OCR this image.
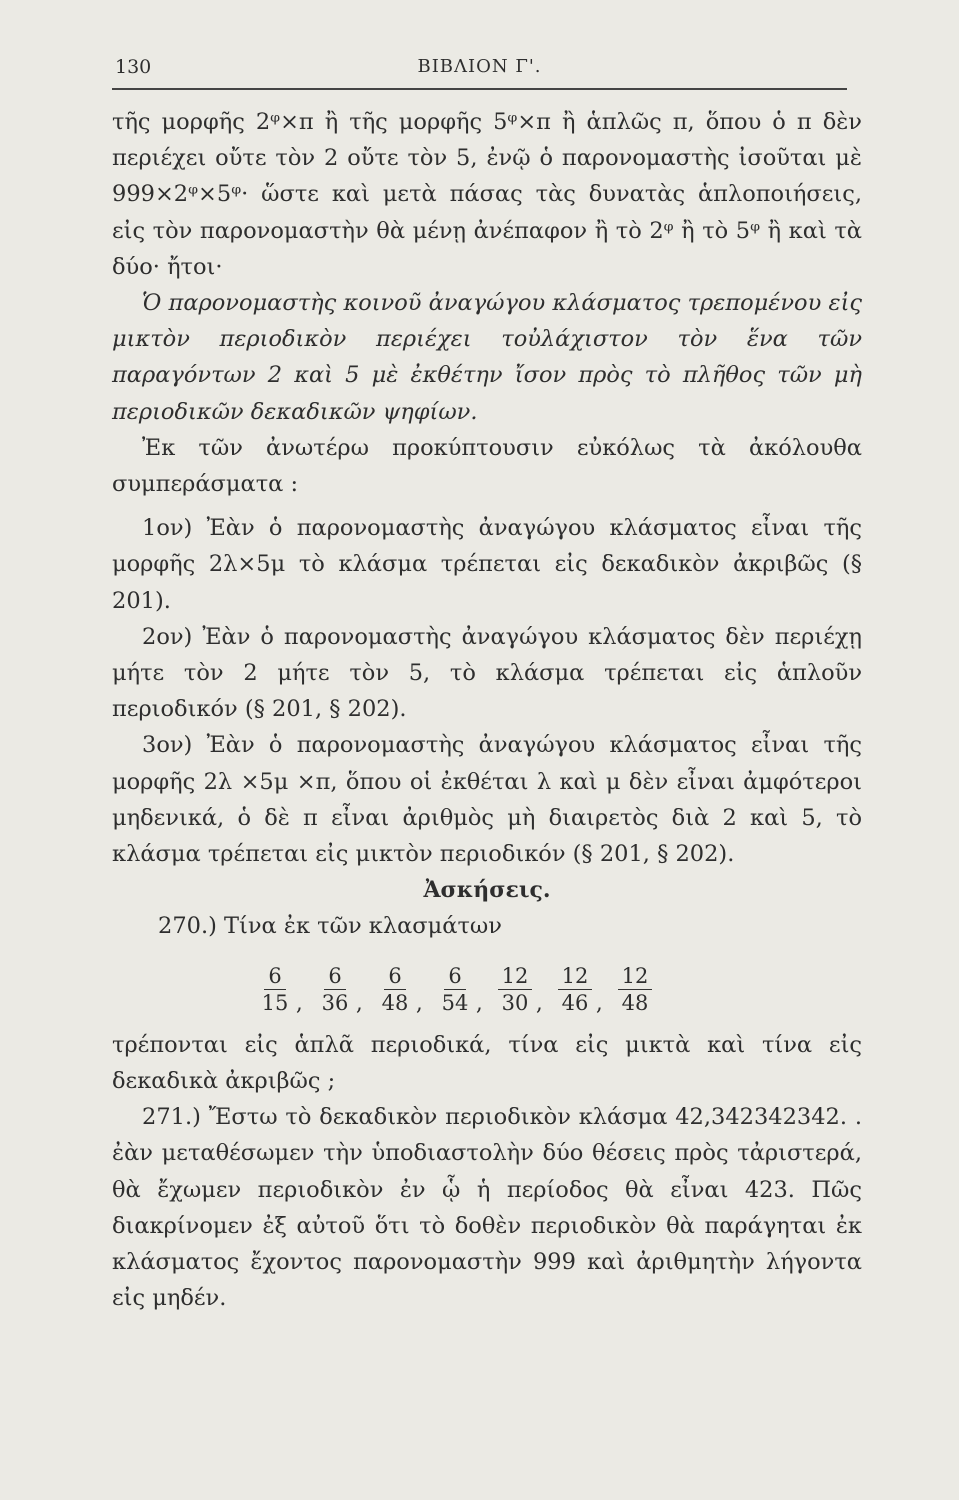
130	ΒΙΒΛΙΟΝ Γ'.

τῆς μορφῆς 2ᵠ×π ἢ τῆς μορφῆς 5ᵠ×π ἢ ἁπλῶς π, ὅπου ὁ π δὲν περιέχει οὔτε τὸν 2 οὔτε τὸν 5, ἐνῷ ὁ παρονομαστὴς ἰσοῦται μὲ 999×2ᵠ×5ᵠ· ὥστε καὶ μετὰ πάσας τὰς δυνατὰς ἁπλοποιήσεις, εἰς τὸν παρονομαστὴν θὰ μένῃ ἀνέπαφον ἢ τὸ 2ᵠ ἢ τὸ 5ᵠ ἢ καὶ τὰ δύο· ἤτοι·

Ὁ παρονομαστὴς κοινοῦ ἀναγώγου κλάσματος τρεπομένου εἰς μικτὸν περιοδικὸν περιέχει τοὐλάχιστον τὸν ἕνα τῶν παραγόντων 2 καὶ 5 μὲ ἐκθέτην ἴσον πρὸς τὸ πλῆθος τῶν μὴ περιοδικῶν δεκαδικῶν ψηφίων.

Ἐκ τῶν ἀνωτέρω προκύπτουσιν εὐκόλως τὰ ἀκόλουθα συμπεράσματα :

1ον) Ἐὰν ὁ παρονομαστὴς ἀναγώγου κλάσματος εἶναι τῆς μορφῆς 2λ×5μ τὸ κλάσμα τρέπεται εἰς δεκαδικὸν ἀκριβῶς (§ 201).

2ον) Ἐὰν ὁ παρονομαστὴς ἀναγώγου κλάσματος δὲν περιέχῃ μήτε τὸν 2 μήτε τὸν 5, τὸ κλάσμα τρέπεται εἰς ἁπλοῦν περιοδικόν (§ 201, § 202).

3ον) Ἐὰν ὁ παρονομαστὴς ἀναγώγου κλάσματος εἶναι τῆς μορφῆς 2λ ×5μ ×π, ὅπου οἱ ἐκθέται λ καὶ μ δὲν εἶναι ἀμφότεροι μηδενικά, ὁ δὲ π εἶναι ἀριθμὸς μὴ διαιρετὸς διὰ 2 καὶ 5, τὸ κλάσμα τρέπεται εἰς μικτὸν περιοδικόν (§ 201, § 202).

Ἀσκήσεις.

270.) Τίνα ἐκ τῶν κλασμάτων

$\frac{6}{15}$ , $\frac{6}{36}$ , $\frac{6}{48}$ , $\frac{6}{54}$ , $\frac{12}{30}$ , $\frac{12}{46}$ , $\frac{12}{48}$

τρέπονται εἰς ἁπλᾶ περιοδικά, τίνα εἰς μικτὰ καὶ τίνα εἰς δεκαδικὰ ἀκριβῶς ;

271.) Ἔστω τὸ δεκαδικὸν περιοδικὸν κλάσμα 42,342342342. . ἐὰν μεταθέσωμεν τὴν ὑποδιαστολὴν δύο θέσεις πρὸς τἀριστερά, θὰ ἔχωμεν περιοδικὸν ἐν ᾧ ἡ περίοδος θὰ εἶναι 423. Πῶς διακρίνομεν ἐξ αὐτοῦ ὅτι τὸ δοθὲν περιοδικὸν θὰ παράγηται ἐκ κλάσματος ἔχοντος παρονομαστὴν 999 καὶ ἀριθμητὴν λήγοντα εἰς μηδέν.
